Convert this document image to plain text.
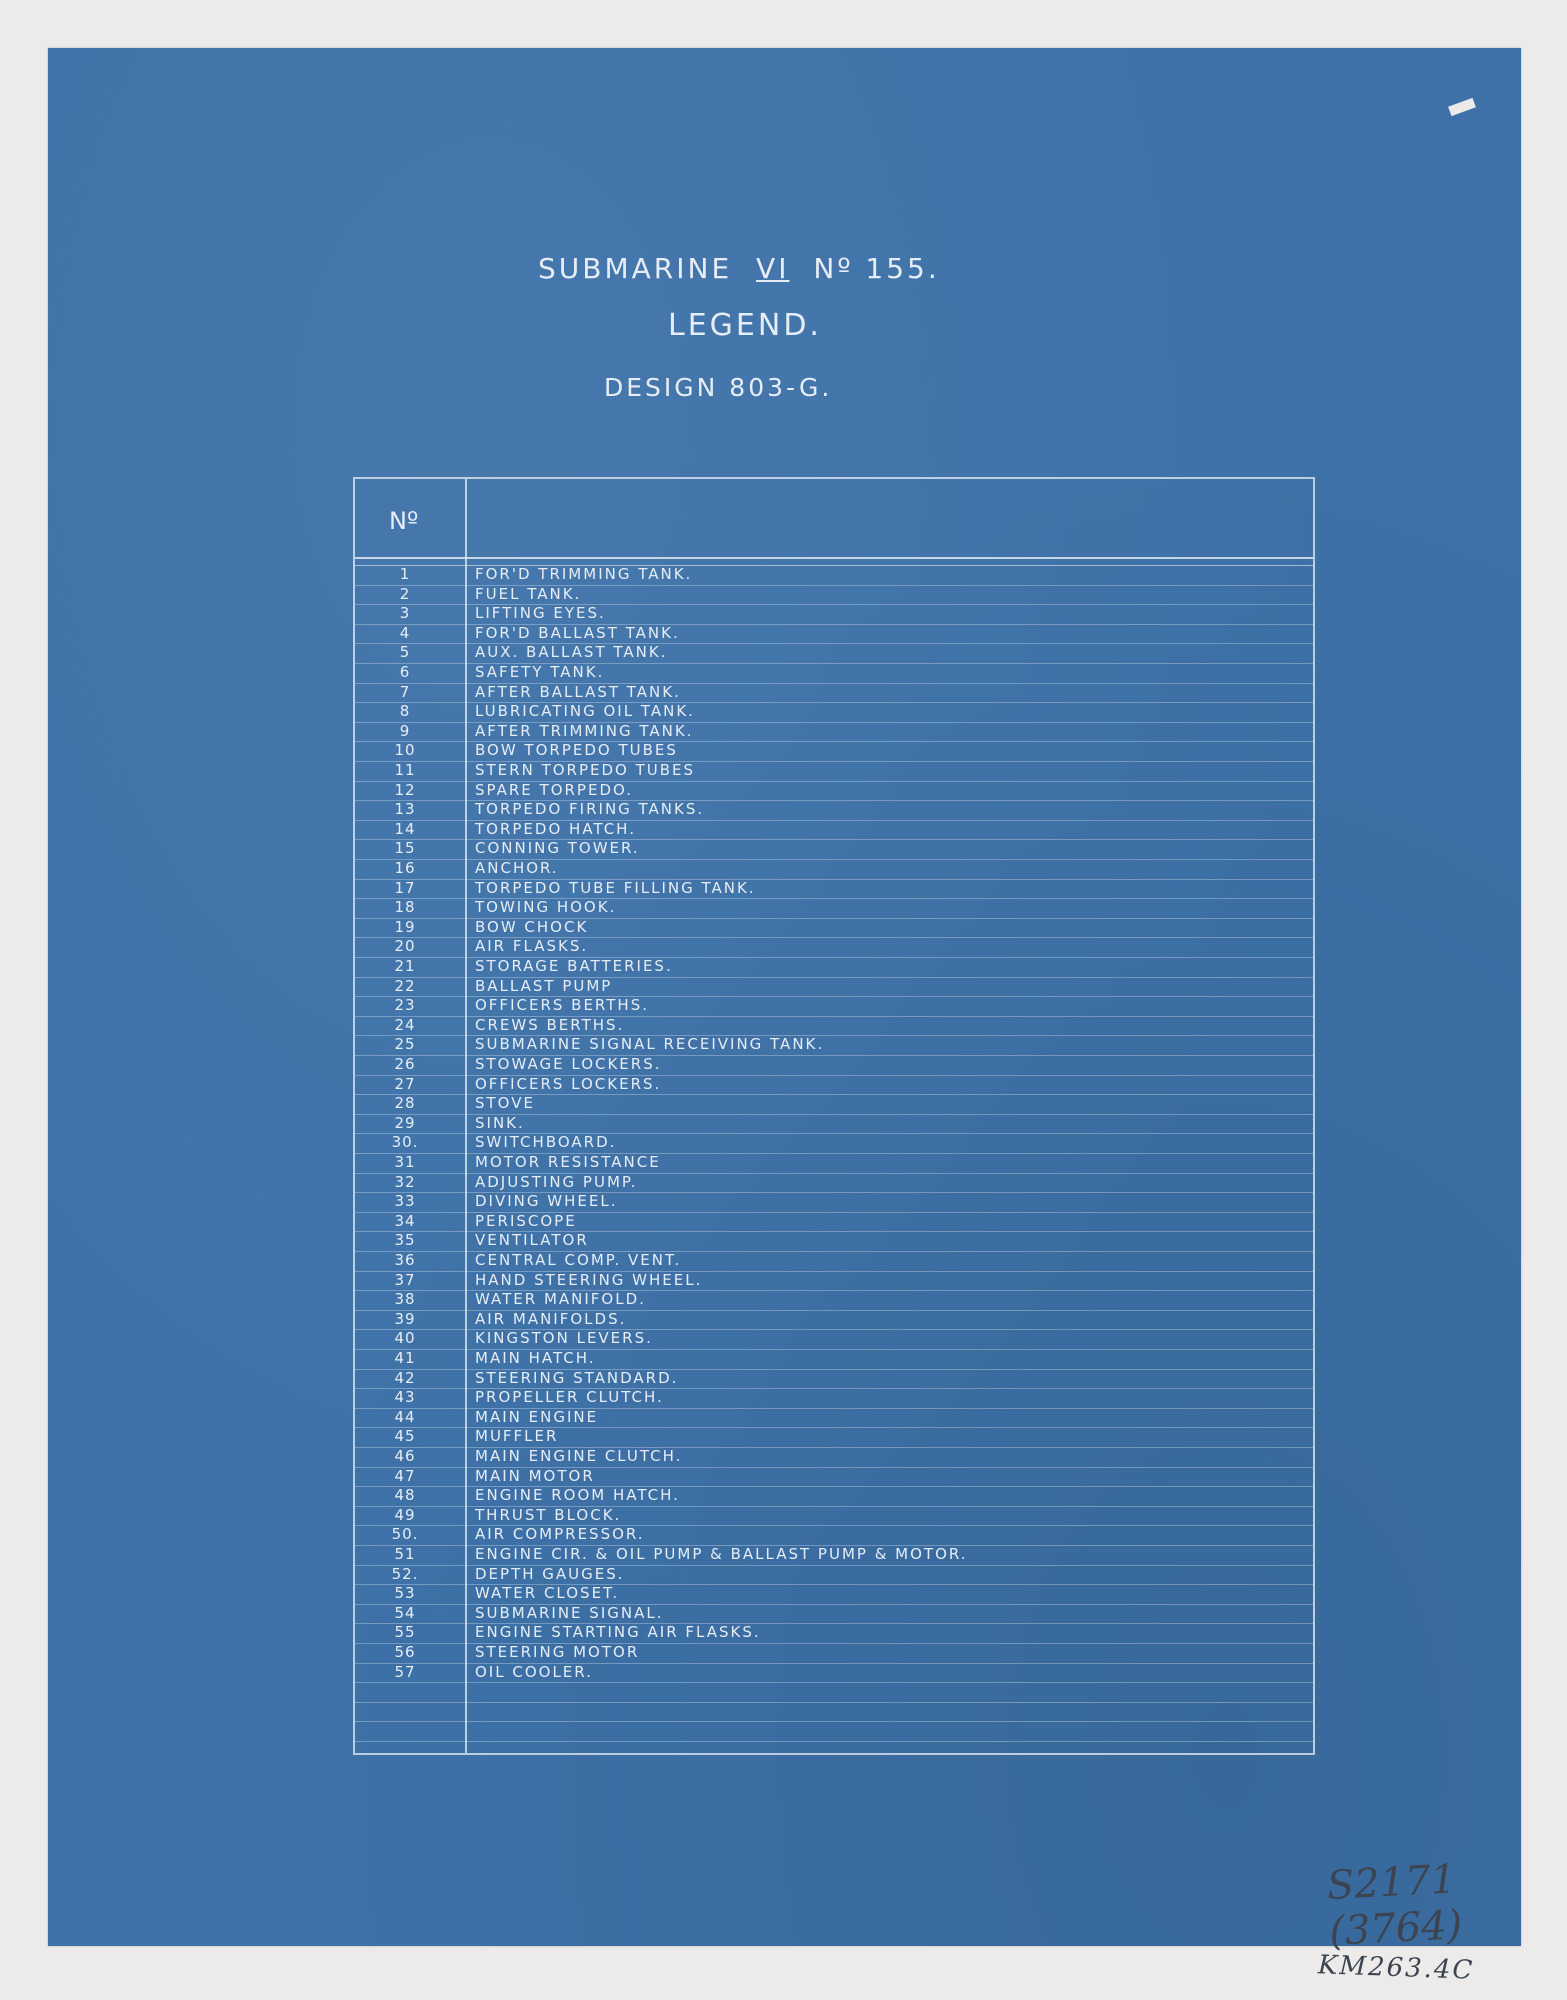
SUBMARINE VI Nº 155.
LEGEND.
DESIGN 803-G.
Nº
1	FOR'D TRIMMING TANK.
2	FUEL TANK.
3	LIFTING EYES.
4	FOR'D BALLAST TANK.
5	AUX. BALLAST TANK.
6	SAFETY TANK.
7	AFTER BALLAST TANK.
8	LUBRICATING OIL TANK.
9	AFTER TRIMMING TANK.
10	BOW TORPEDO TUBES
11	STERN TORPEDO TUBES
12	SPARE TORPEDO.
13	TORPEDO FIRING TANKS.
14	TORPEDO HATCH.
15	CONNING TOWER.
16	ANCHOR.
17	TORPEDO TUBE FILLING TANK.
18	TOWING HOOK.
19	BOW CHOCK
20	AIR FLASKS.
21	STORAGE BATTERIES.
22	BALLAST PUMP
23	OFFICERS BERTHS.
24	CREWS BERTHS.
25	SUBMARINE SIGNAL RECEIVING TANK.
26	STOWAGE LOCKERS.
27	OFFICERS LOCKERS.
28	STOVE
29	SINK.
30.	SWITCHBOARD.
31	MOTOR RESISTANCE
32	ADJUSTING PUMP.
33	DIVING WHEEL.
34	PERISCOPE
35	VENTILATOR
36	CENTRAL COMP. VENT.
37	HAND STEERING WHEEL.
38	WATER MANIFOLD.
39	AIR MANIFOLDS.
40	KINGSTON LEVERS.
41	MAIN HATCH.
42	STEERING STANDARD.
43	PROPELLER CLUTCH.
44	MAIN ENGINE
45	MUFFLER
46	MAIN ENGINE CLUTCH.
47	MAIN MOTOR
48	ENGINE ROOM HATCH.
49	THRUST BLOCK.
50.	AIR COMPRESSOR.
51	ENGINE CIR. & OIL PUMP & BALLAST PUMP & MOTOR.
52.	DEPTH GAUGES.
53	WATER CLOSET.
54	SUBMARINE SIGNAL.
55	ENGINE STARTING AIR FLASKS.
56	STEERING MOTOR
57	OIL COOLER.
S2171 (3764)
KM263.4C
